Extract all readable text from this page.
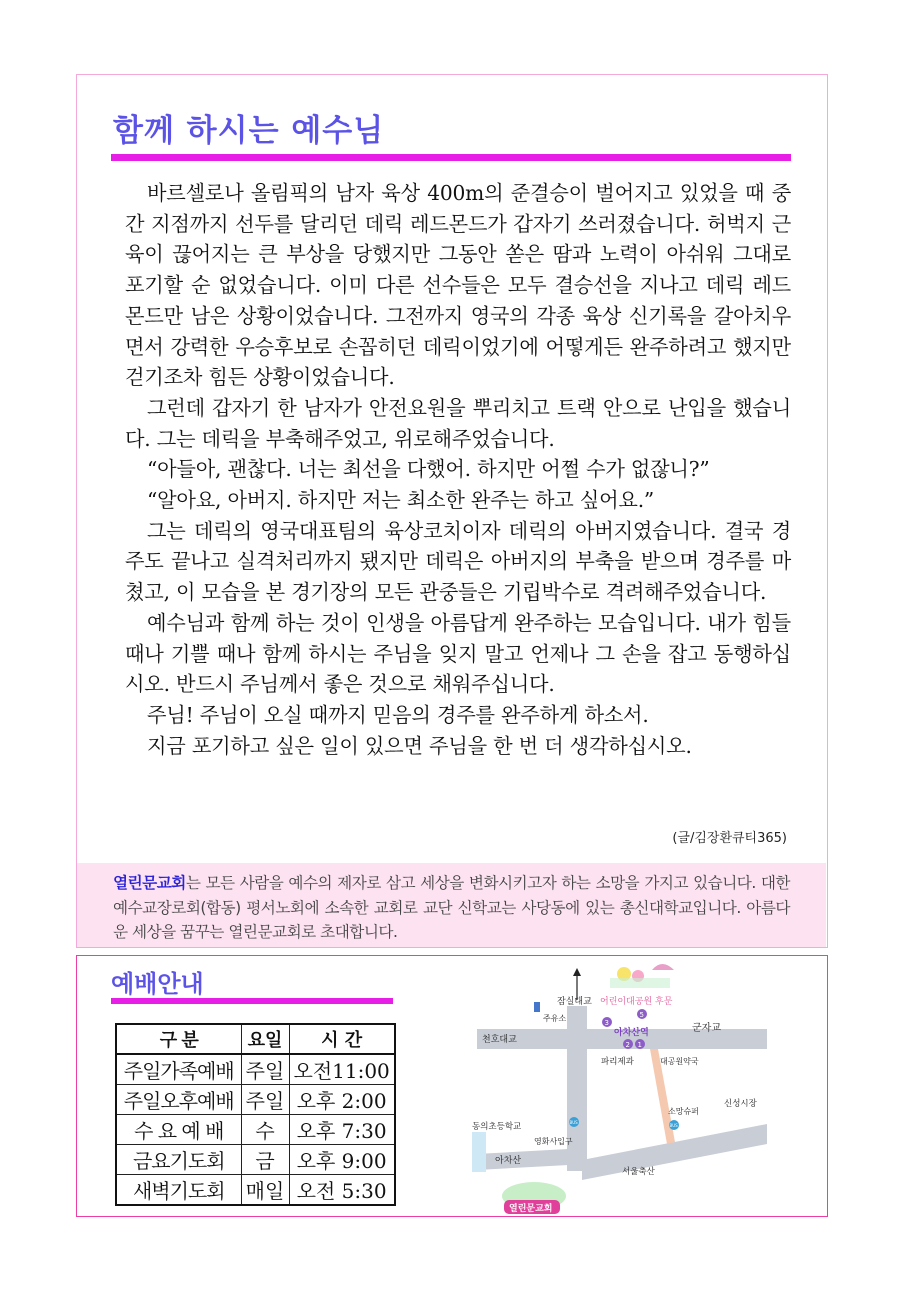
함께 하시는 예수님

바르셀로나 올림픽의 남자 육상 400m의 준결승이 벌어지고 있었을 때 중간 지점까지 선두를 달리던 데릭 레드몬드가 갑자기 쓰러졌습니다. 허벅지 근육이 끊어지는 큰 부상을 당했지만 그동안 쏟은 땀과 노력이 아쉬워 그대로 포기할 순 없었습니다. 이미 다른 선수들은 모두 결승선을 지나고 데릭 레드몬드만 남은 상황이었습니다. 그전까지 영국의 각종 육상 신기록을 갈아치우면서 강력한 우승후보로 손꼽히던 데릭이었기에 어떻게든 완주하려고 했지만 걷기조차 힘든 상황이었습니다.

그런데 갑자기 한 남자가 안전요원을 뿌리치고 트랙 안으로 난입을 했습니다. 그는 데릭을 부축해주었고, 위로해주었습니다.

“아들아, 괜찮다. 너는 최선을 다했어. 하지만 어쩔 수가 없잖니?”

“알아요, 아버지. 하지만 저는 최소한 완주는 하고 싶어요.”

그는 데릭의 영국대표팀의 육상코치이자 데릭의 아버지였습니다. 결국 경주도 끝나고 실격처리까지 됐지만 데릭은 아버지의 부축을 받으며 경주를 마쳤고, 이 모습을 본 경기장의 모든 관중들은 기립박수로 격려해주었습니다.

예수님과 함께 하는 것이 인생을 아름답게 완주하는 모습입니다. 내가 힘들 때나 기쁠 때나 함께 하시는 주님을 잊지 말고 언제나 그 손을 잡고 동행하십시오. 반드시 주님께서 좋은 것으로 채워주십니다.

주님! 주님이 오실 때까지 믿음의 경주를 완주하게 하소서.

지금 포기하고 싶은 일이 있으면 주님을 한 번 더 생각하십시오.

(글/김장환큐티365)
열린문교회는 모든 사람을 예수의 제자로 삼고 세상을 변화시키고자 하는 소망을 가지고 있습니다. 대한예수교장로회(합동) 평서노회에 소속한 교회로 교단 신학교는 사당동에 있는 총신대학교입니다. 아름다운 세상을 꿈꾸는 열린문교회로 초대합니다.
예배안내
구 분	요일	시 간
주일가족예배	주일	오전11:00
주일오후예배	주일	오후 2:00
수 요 예 배	수	오후 7:30
금요기도회	금	오후 9:00
새벽기도회	매일	오전 5:30
잠실대교 어린이대공원 후문
주유소
천호대교
군자교
3
2 1
5
아차산역
파리제과	대공원약국
신성시장
소망슈퍼
BUS
동의초등학교	BUS
영화사입구
아차산
서울축산
열린문교회
